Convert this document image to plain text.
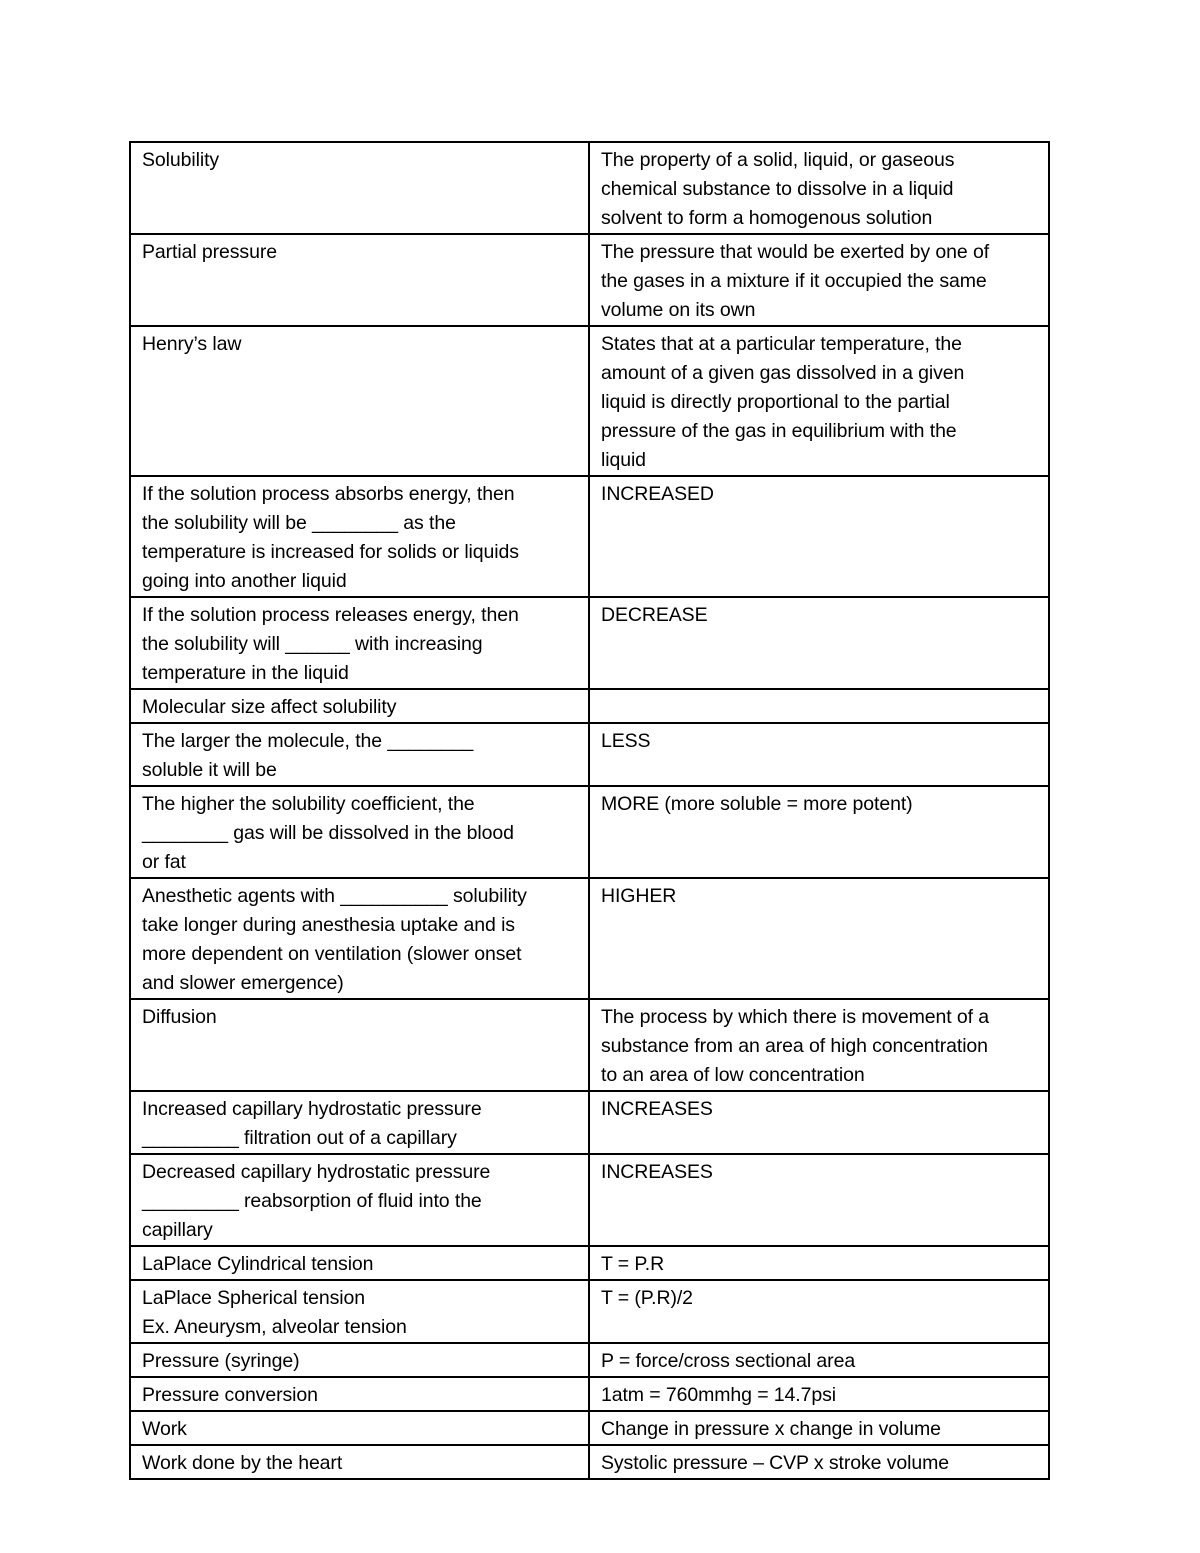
Solubility	The property of a solid, liquid, or gaseous
chemical substance to dissolve in a liquid
solvent to form a homogenous solution

Partial pressure	The pressure that would be exerted by one of
the gases in a mixture if it occupied the same
volume on its own

Henry’s law	States that at a particular temperature, the
amount of a given gas dissolved in a given
liquid is directly proportional to the partial
pressure of the gas in equilibrium with the
liquid

If the solution process absorbs energy, then
the solubility will be ________ as the
temperature is increased for solids or liquids
going into another liquid	INCREASED

If the solution process releases energy, then
the solubility will ______ with increasing
temperature in the liquid	DECREASE

Molecular size affect solubility	

The larger the molecule, the ________
soluble it will be	LESS

The higher the solubility coefficient, the
________ gas will be dissolved in the blood
or fat	MORE (more soluble = more potent)

Anesthetic agents with __________ solubility
take longer during anesthesia uptake and is
more dependent on ventilation (slower onset
and slower emergence)	HIGHER

Diffusion	The process by which there is movement of a
substance from an area of high concentration
to an area of low concentration

Increased capillary hydrostatic pressure
_________ filtration out of a capillary	INCREASES

Decreased capillary hydrostatic pressure
_________ reabsorption of fluid into the
capillary	INCREASES

LaPlace Cylindrical tension	T = P.R

LaPlace Spherical tension
Ex. Aneurysm, alveolar tension	T = (P.R)/2

Pressure (syringe)	P = force/cross sectional area

Pressure conversion	1atm = 760mmhg = 14.7psi

Work	Change in pressure x change in volume

Work done by the heart	Systolic pressure – CVP x stroke volume
